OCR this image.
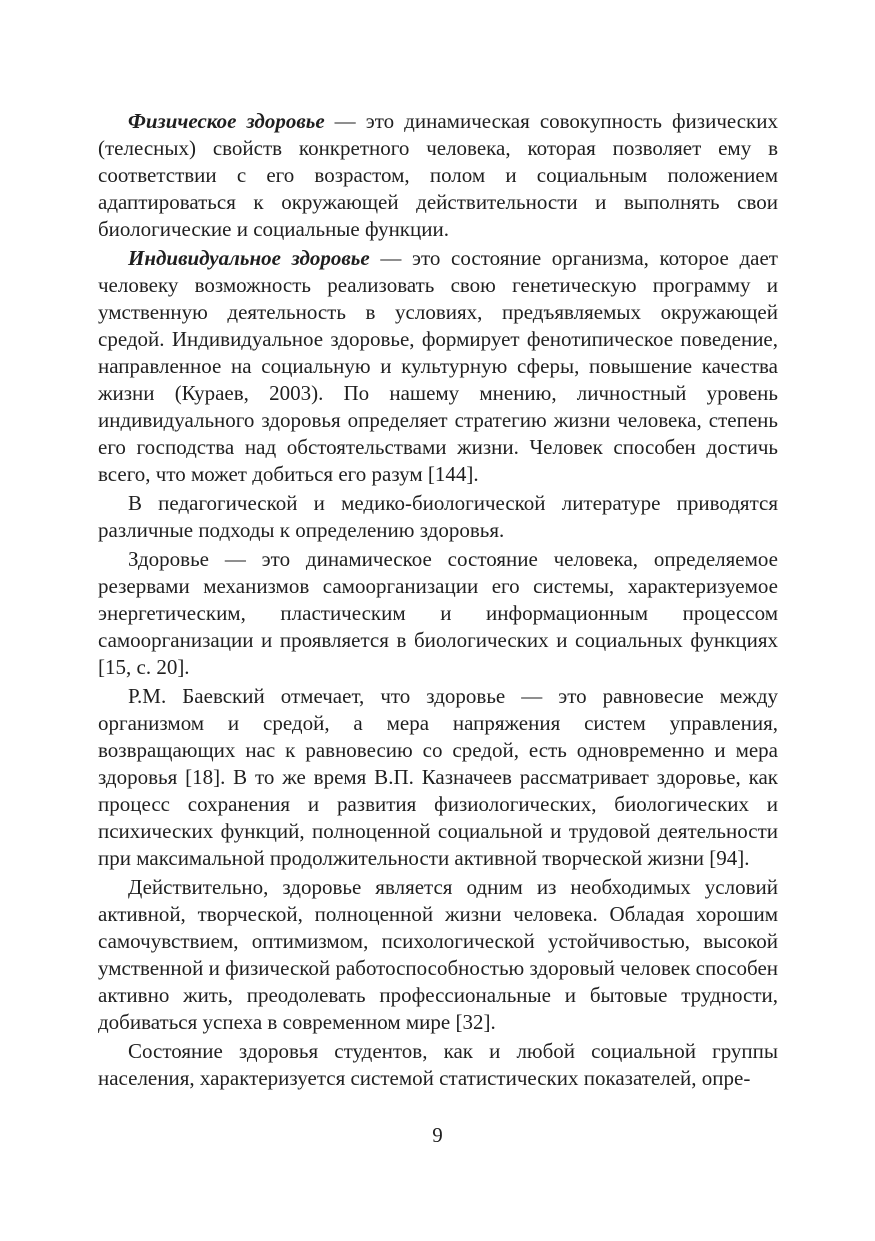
Физическое здоровье — это динамическая совокупность физических (телесных) свойств конкретного человека, которая позволяет ему в соответствии с его возрастом, полом и социальным положением адаптироваться к окружающей действительности и выполнять свои биологические и социальные функции.

Индивидуальное здоровье — это состояние организма, которое дает человеку возможность реализовать свою генетическую программу и умственную деятельность в условиях, предъявляемых окружающей средой. Индивидуальное здоровье, формирует фенотипическое поведение, направленное на социальную и культурную сферы, повышение качества жизни (Кураев, 2003). По нашему мнению, личностный уровень индивидуального здоровья определяет стратегию жизни человека, степень его господства над обстоятельствами жизни. Человек способен достичь всего, что может добиться его разум [144].

В педагогической и медико-биологической литературе приводятся различные подходы к определению здоровья.

Здоровье — это динамическое состояние человека, определяемое резервами механизмов самоорганизации его системы, характеризуемое энергетическим, пластическим и информационным процессом самоорганизации и проявляется в биологических и социальных функциях [15, с. 20].

Р.М. Баевский отмечает, что здоровье — это равновесие между организмом и средой, а мера напряжения систем управления, возвращающих нас к равновесию со средой, есть одновременно и мера здоровья [18]. В то же время В.П. Казначеев рассматривает здоровье, как процесс сохранения и развития физиологических, биологических и психических функций, полноценной социальной и трудовой деятельности при максимальной продолжительности активной творческой жизни [94].

Действительно, здоровье является одним из необходимых условий активной, творческой, полноценной жизни человека. Обладая хорошим самочувствием, оптимизмом, психологической устойчивостью, высокой умственной и физической работоспособностью здоровый человек способен активно жить, преодолевать профессиональные и бытовые трудности, добиваться успеха в современном мире [32].

Состояние здоровья студентов, как и любой социальной группы населения, характеризуется системой статистических показателей, опре-

9
